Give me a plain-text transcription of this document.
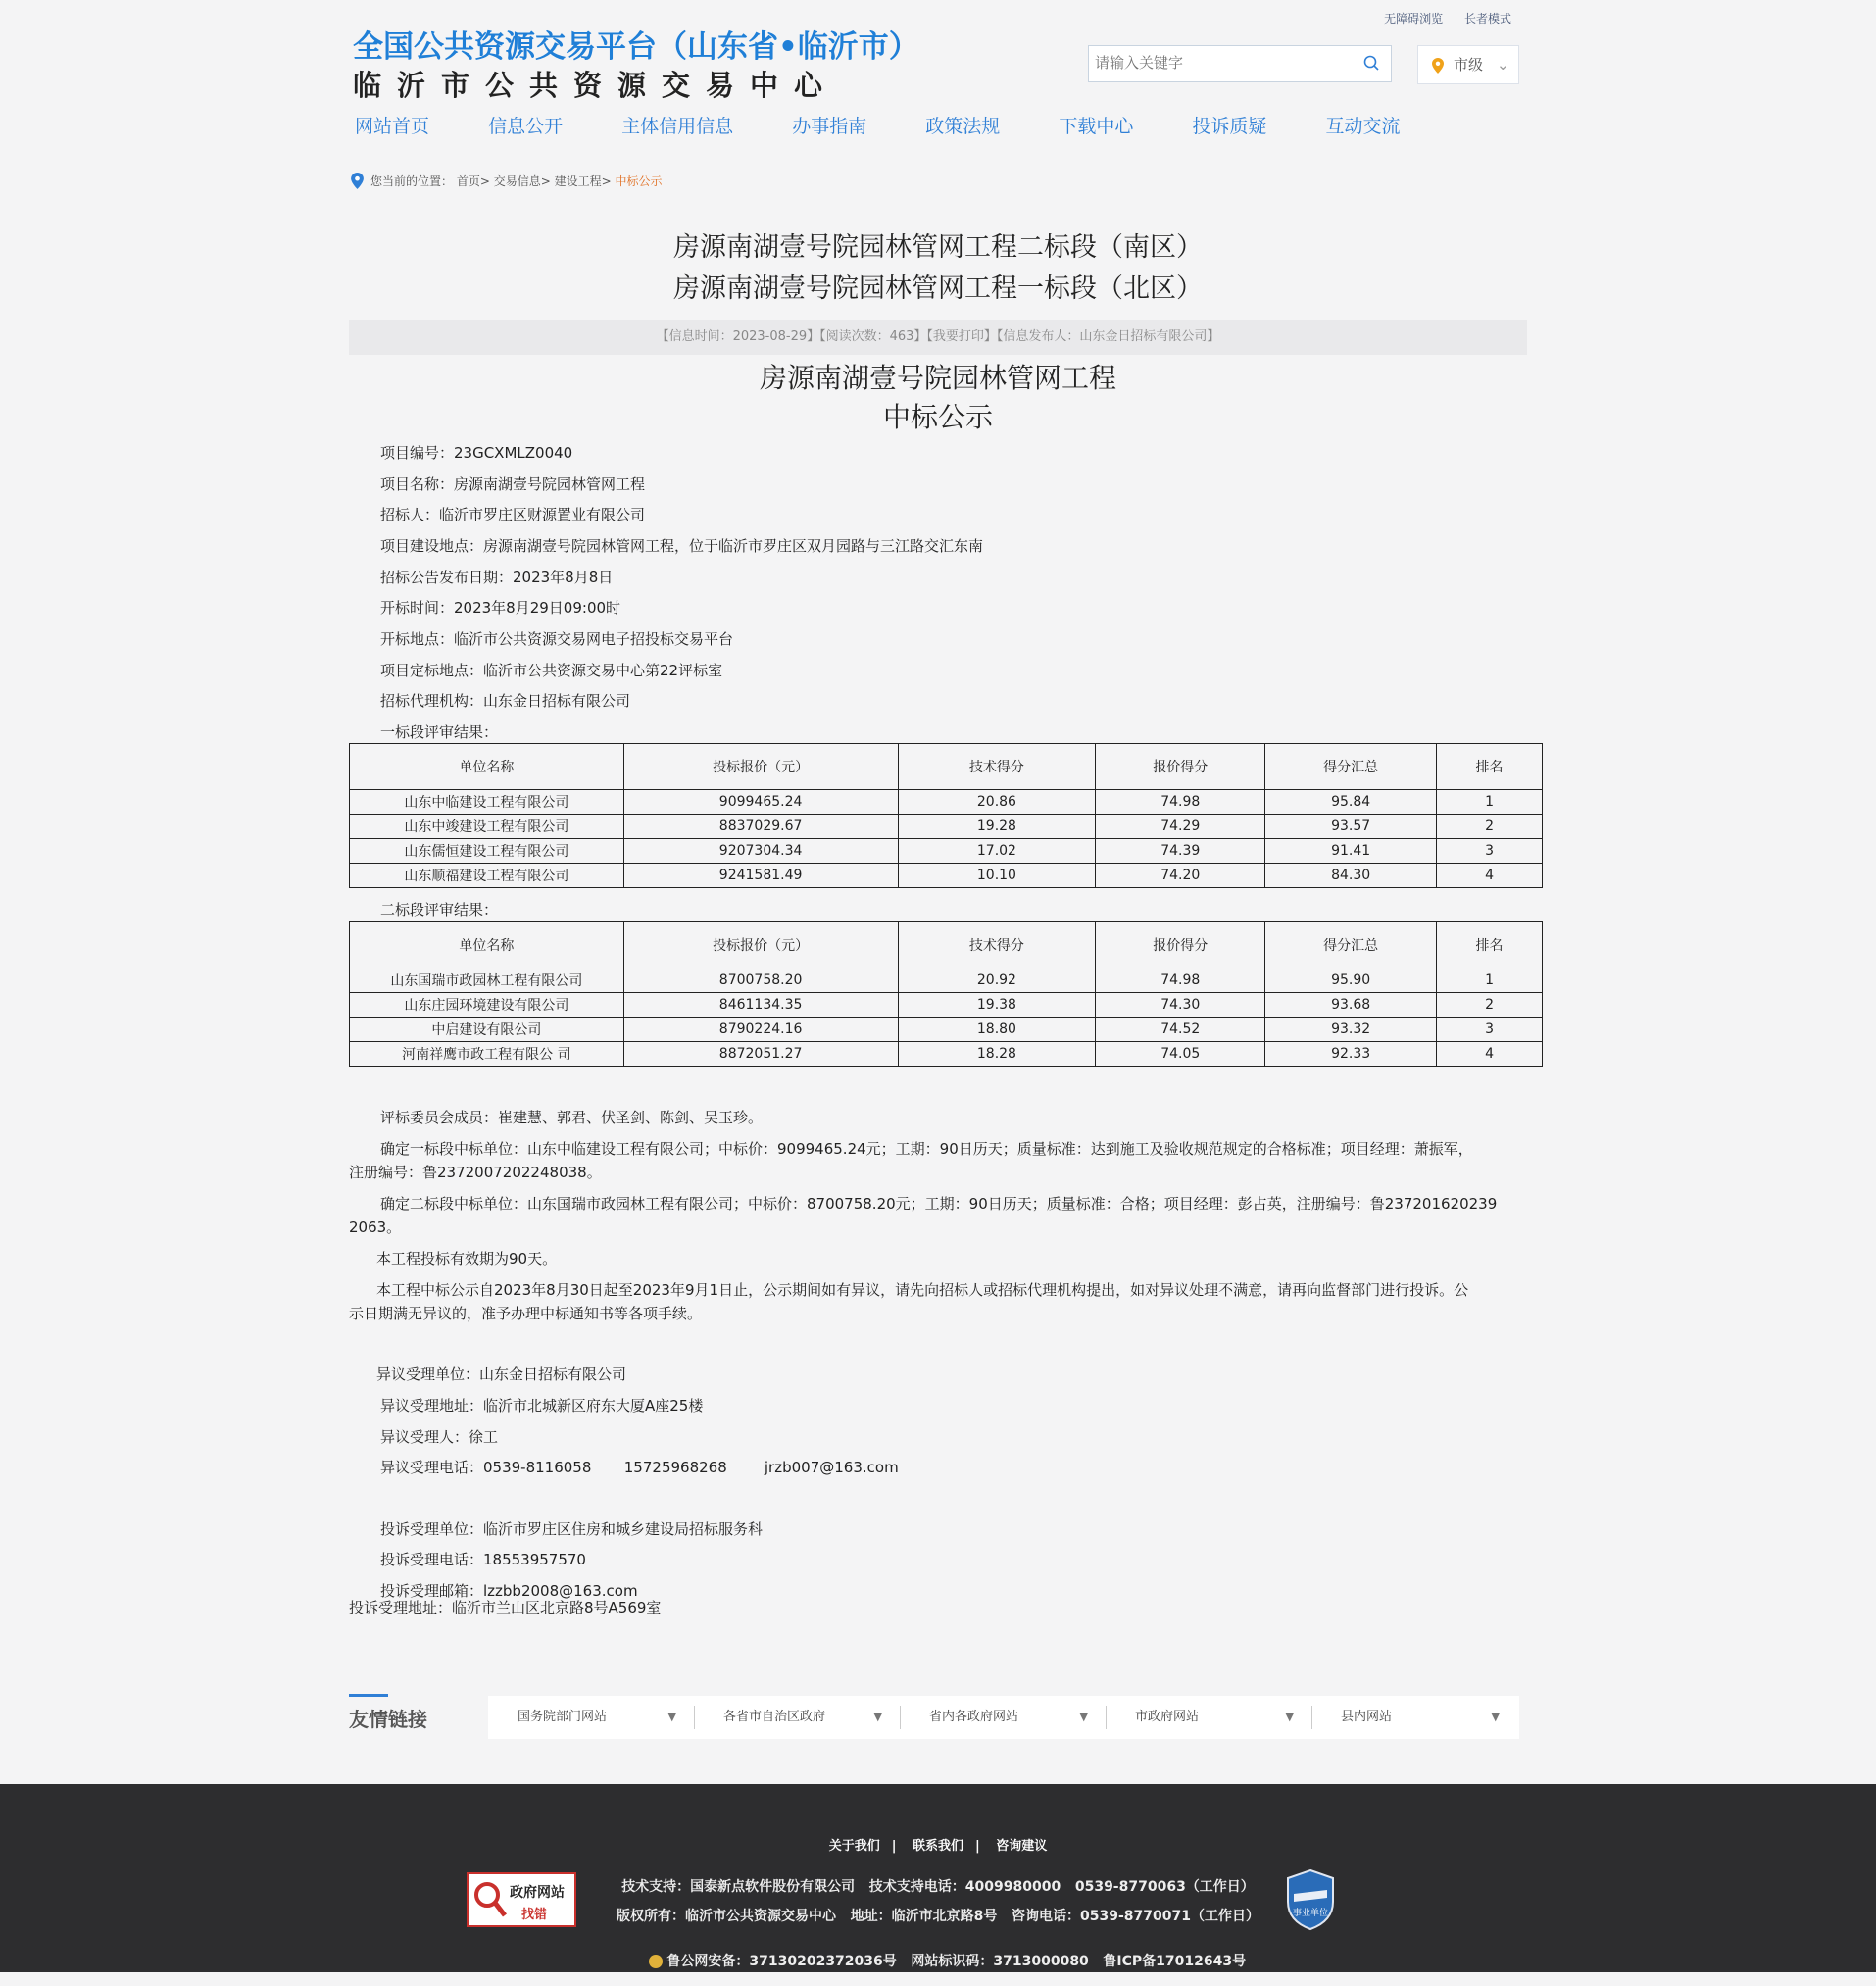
无障碍浏览 长者模式
全国公共资源交易平台（山东省•临沂市）
临沂市公共资源交易中心
请输入关键字
市级 ⌄
网站首页	信息公开	主体信用信息	办事指南	政策法规	下载中心	投诉质疑	互动交流
您当前的位置： 首页> 交易信息> 建设工程> 中标公示
房源南湖壹号院园林管网工程二标段（南区）
房源南湖壹号院园林管网工程一标段（北区）
【信息时间：2023-08-29】【阅读次数：463】【我要打印】【信息发布人：山东金日招标有限公司】
房源南湖壹号院园林管网工程
中标公示
项目编号：23GCXMLZ0040
项目名称：房源南湖壹号院园林管网工程
招标人：临沂市罗庄区财源置业有限公司
项目建设地点：房源南湖壹号院园林管网工程，位于临沂市罗庄区双月园路与三江路交汇东南
招标公告发布日期：2023年8月8日
开标时间：2023年8月29日09:00时
开标地点：临沂市公共资源交易网电子招投标交易平台
项目定标地点：临沂市公共资源交易中心第22评标室
招标代理机构：山东金日招标有限公司
一标段评审结果：
单位名称	投标报价（元）	技术得分	报价得分	得分汇总	排名
山东中临建设工程有限公司	9099465.24	20.86	74.98	95.84	1
山东中竣建设工程有限公司	8837029.67	19.28	74.29	93.57	2
山东儒恒建设工程有限公司	9207304.34	17.02	74.39	91.41	3
山东顺福建设工程有限公司	9241581.49	10.10	74.20	84.30	4
二标段评审结果：
单位名称	投标报价（元）	技术得分	报价得分	得分汇总	排名
山东国瑞市政园林工程有限公司	8700758.20	20.92	74.98	95.90	1
山东庄园环境建设有限公司	8461134.35	19.38	74.30	93.68	2
中启建设有限公司	8790224.16	18.80	74.52	93.32	3
河南祥鹰市政工程有限公 司	8872051.27	18.28	74.05	92.33	4
评标委员会成员：崔建慧、郭君、伏圣剑、陈剑、吴玉珍。
确定一标段中标单位：山东中临建设工程有限公司；中标价：9099465.24元；工期：90日历天；质量标准：达到施工及验收规范规定的合格标准；项目经理：萧振军，
注册编号：鲁2372007202248038。
确定二标段中标单位：山东国瑞市政园林工程有限公司；中标价：8700758.20元；工期：90日历天；质量标准：合格；项目经理：彭占英，注册编号：鲁237201620239
2063。
本工程投标有效期为90天。
本工程中标公示自2023年8月30日起至2023年9月1日止，公示期间如有异议，请先向招标人或招标代理机构提出，如对异议处理不满意，请再向监督部门进行投诉。公
示日期满无异议的，准予办理中标通知书等各项手续。
异议受理单位：山东金日招标有限公司
异议受理地址：临沂市北城新区府东大厦A座25楼
异议受理人：徐工
异议受理电话：0539-8116058       15725968268        jrzb007@163.com
投诉受理单位：临沂市罗庄区住房和城乡建设局招标服务科
投诉受理电话：18553957570
投诉受理邮箱：lzzbb2008@163.com
投诉受理地址：临沂市兰山区北京路8号A569室
友情链接	国务院部门网站	▼	各省市自治区政府	▼	省内各政府网站	▼	市政府网站	▼	县内网站	▼
关于我们 | 联系我们 | 咨询建议
技术支持：国泰新点软件股份有限公司   技术支持电话：4009980000   0539-8770063（工作日）
版权所有：临沂市公共资源交易中心   地址：临沂市北京路8号   咨询电话：0539-8770071（工作日）

鲁公网安备：37130202372036号   网站标识码：3713000080   鲁ICP备17012643号

政府网站
找错	事业单位
